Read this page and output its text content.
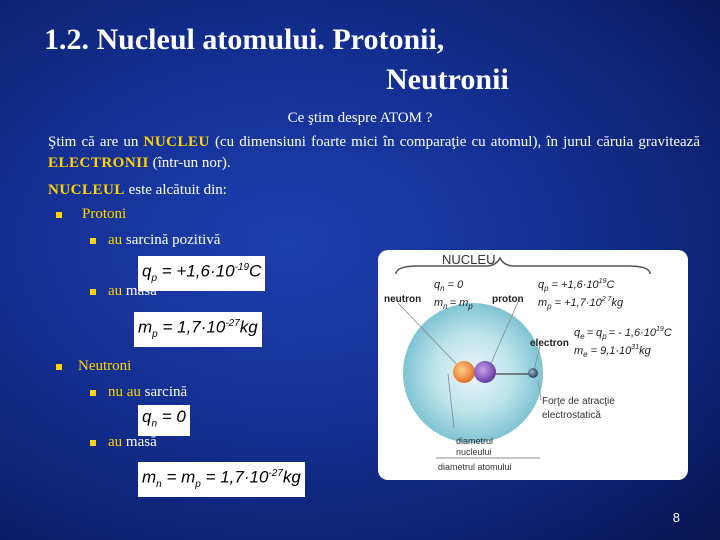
1.2. Nucleul atomului. Protonii,
Neutronii
Ce ştim despre ATOM ?
Ştim că are un NUCLEU (cu dimensiuni foarte mici în comparaţie cu atomul), în jurul căruia gravitează ELECTRONII (într-un nor).
NUCLEUL este alcătuit din:
Protoni
au sarcină pozitivă
$q_p = +1,6\cdot 10^{-19}C$
au masă
$m_p = 1,7\cdot 10^{-27}kg$
Neutroni
nu au sarcină
$q_n = 0$
au masă
$m_n = m_p = 1,7\cdot 10^{-27}kg$
NUCLEU
neutron	proton
electron
$q_n = 0$
$m_n = m_p$
$q_p = +1,6\cdot 10^{19}C$
$m_p = +1,7\cdot 10^{2 7}kg$
$q_e = q_p$ = - $1,6\cdot 10^{19}C$
$m_e = 9,1\cdot 10^{31}kg$
Forţe de atracţie
electrostatică
diametrul
nucleului
diametrul atomului
8
